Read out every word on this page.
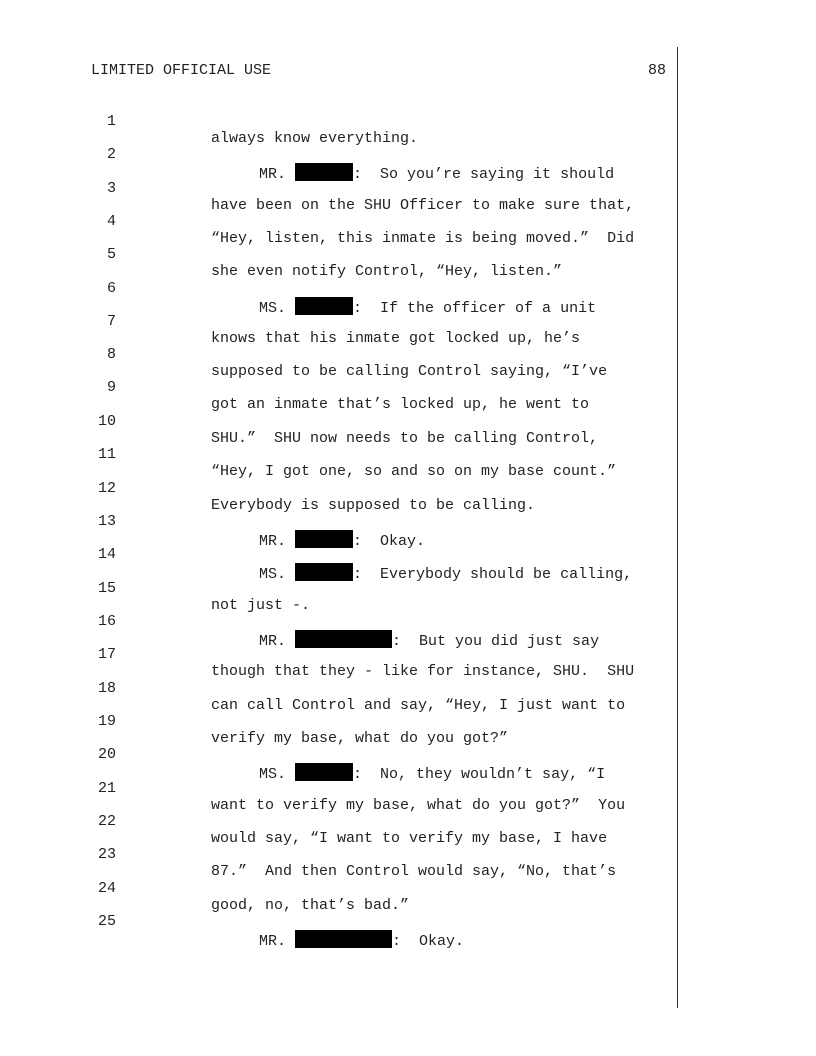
LIMITED OFFICIAL USE	88

1

always know everything.

2

MR.	:  So you’re saying it should

3

have been on the SHU Officer to make sure that,

4

“Hey, listen, this inmate is being moved.”  Did

5

she even notify Control, “Hey, listen.”

6

MS.	:  If the officer of a unit

7

knows that his inmate got locked up, he’s

8

supposed to be calling Control saying, “I’ve

9

got an inmate that’s locked up, he went to

10

SHU.”  SHU now needs to be calling Control,

11

“Hey, I got one, so and so on my base count.”

12

Everybody is supposed to be calling.

13

MR.	:  Okay.

14

MS.	:  Everybody should be calling,

15

not just -.

16

MR.	:  But you did just say

17

though that they - like for instance, SHU.  SHU

18

can call Control and say, “Hey, I just want to

19

verify my base, what do you got?”

20

MS.	:  No, they wouldn’t say, “I

21

want to verify my base, what do you got?”  You

22

would say, “I want to verify my base, I have

23

87.”  And then Control would say, “No, that’s

24

good, no, that’s bad.”

25

MR.	:  Okay.
